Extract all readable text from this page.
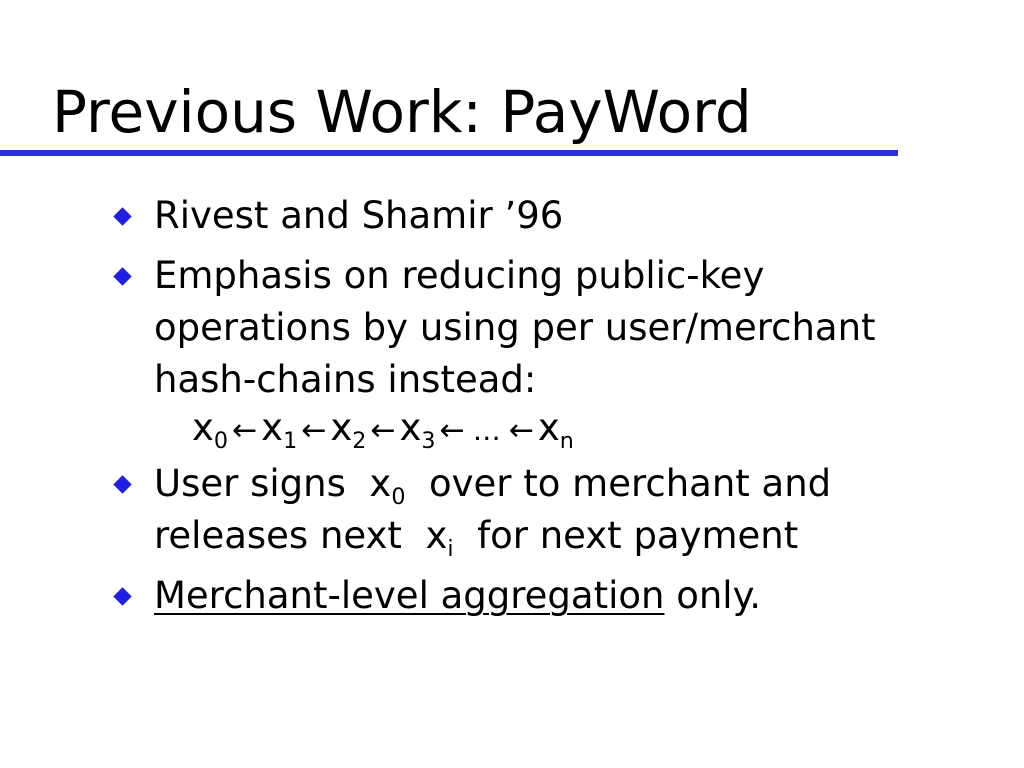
Previous Work: PayWord
Rivest and Shamir ’96
Emphasis on reducing public-key
operations by using per user/merchant
hash-chains instead:
$x_0$ ← $x_1$ ← $x_2$ ← $x_3$ ← … ← $x_n$
User signs $x_0$ over to merchant and
releases next $x_i$ for next payment
Merchant-level aggregation only.
